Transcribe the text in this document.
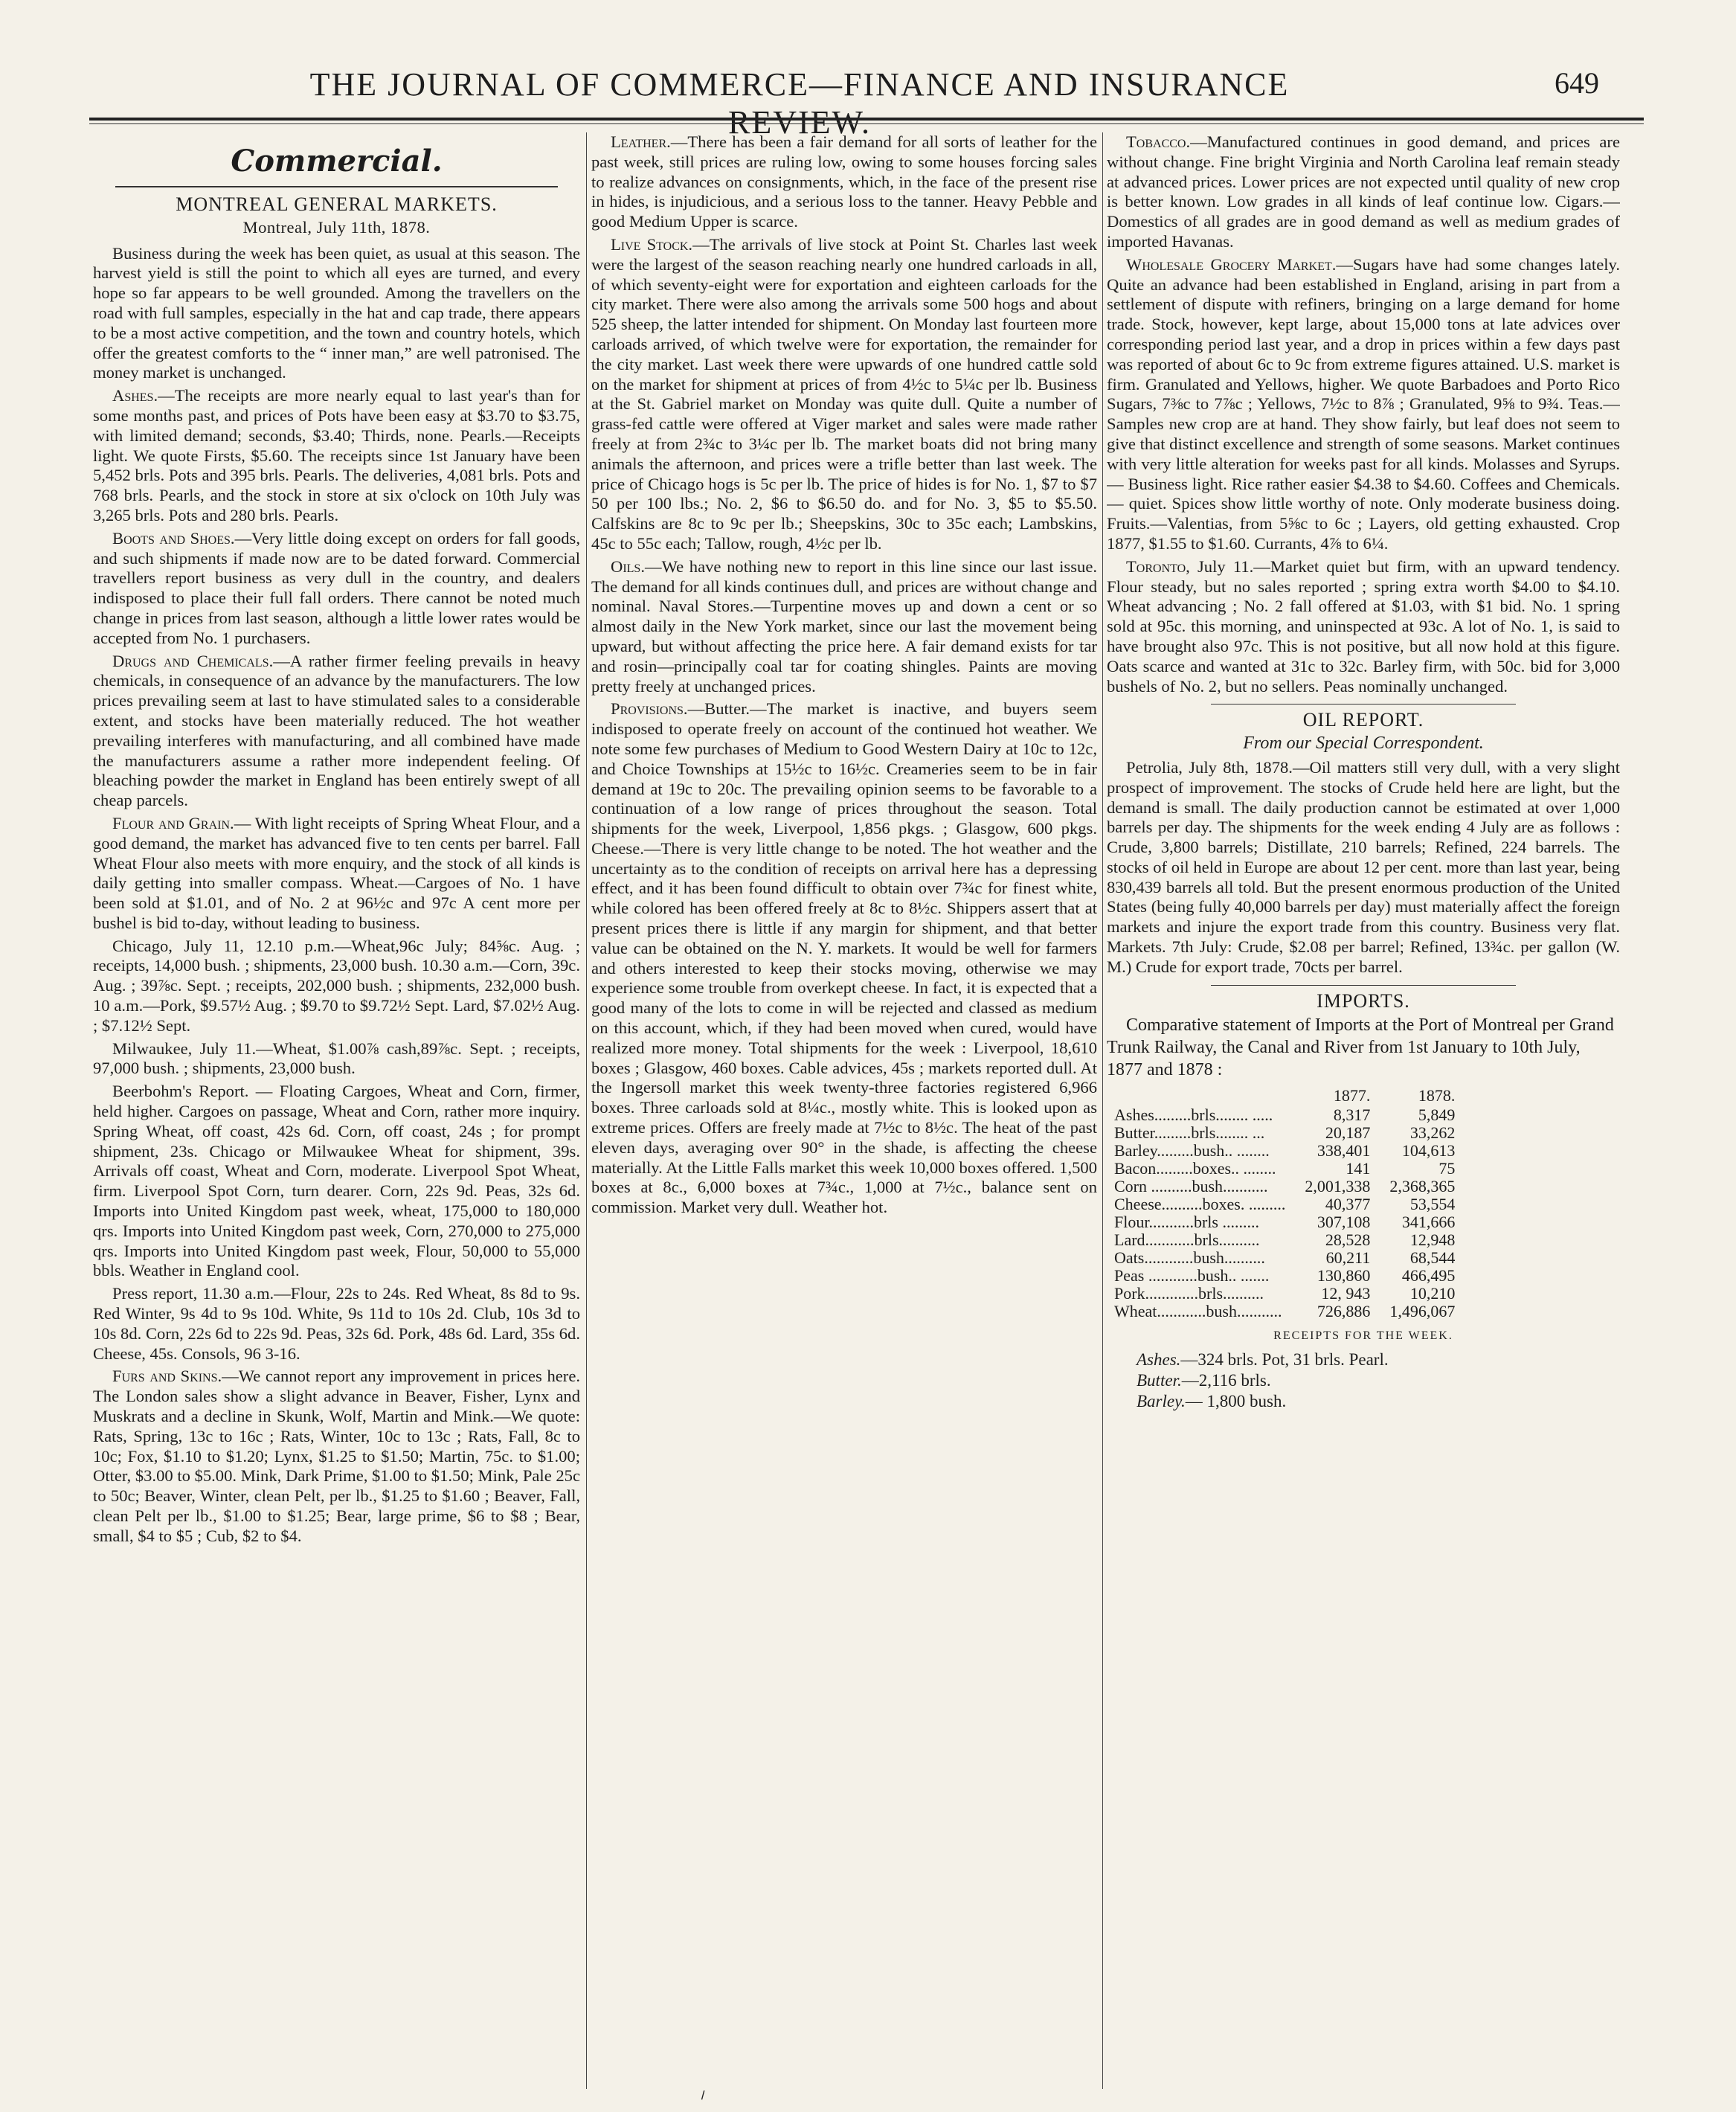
THE JOURNAL OF COMMERCE—FINANCE AND INSURANCE REVIEW.
649
Commercial.
MONTREAL GENERAL MARKETS.
Montreal, July 11th, 1878.

Business during the week has been quiet, as usual at this season. The harvest yield is still the point to which all eyes are turned, and every hope so far appears to be well grounded. Among the travellers on the road with full samples, especially in the hat and cap trade, there appears to be a most active competition, and the town and country hotels, which offer the greatest comforts to the “ inner man,” are well patronised. The money market is unchanged.

Ashes.—The receipts are more nearly equal to last year's than for some months past, and prices of Pots have been easy at $3.70 to $3.75, with limited demand; seconds, $3.40; Thirds, none. Pearls.—Receipts light. We quote Firsts, $5.60. The receipts since 1st January have been 5,452 brls. Pots and 395 brls. Pearls. The deliveries, 4,081 brls. Pots and 768 brls. Pearls, and the stock in store at six o'clock on 10th July was 3,265 brls. Pots and 280 brls. Pearls.

Boots and Shoes.—Very little doing except on orders for fall goods, and such shipments if made now are to be dated forward. Commercial travellers report business as very dull in the country, and dealers indisposed to place their full fall orders. There cannot be noted much change in prices from last season, although a little lower rates would be accepted from No. 1 purchasers.

Drugs and Chemicals.—A rather firmer feeling prevails in heavy chemicals, in consequence of an advance by the manufacturers. The low prices prevailing seem at last to have stimulated sales to a considerable extent, and stocks have been materially reduced. The hot weather prevailing interferes with manufacturing, and all combined have made the manufacturers assume a rather more independent feeling. Of bleaching powder the market in England has been entirely swept of all cheap parcels.

Flour and Grain.— With light receipts of Spring Wheat Flour, and a good demand, the market has advanced five to ten cents per barrel. Fall Wheat Flour also meets with more enquiry, and the stock of all kinds is daily getting into smaller compass. Wheat.—Cargoes of No. 1 have been sold at $1.01, and of No. 2 at 96½c and 97c A cent more per bushel is bid to-day, without leading to business.

Chicago, July 11, 12.10 p.m.—Wheat,96c July; 84⅝c. Aug. ; receipts, 14,000 bush. ; shipments, 23,000 bush. 10.30 a.m.—Corn, 39c. Aug. ; 39⅞c. Sept. ; receipts, 202,000 bush. ; shipments, 232,000 bush. 10 a.m.—Pork, $9.57½ Aug. ; $9.70 to $9.72½ Sept. Lard, $7.02½ Aug. ; $7.12½ Sept.

Milwaukee, July 11.—Wheat, $1.00⅞ cash,89⅞c. Sept. ; receipts, 97,000 bush. ; shipments, 23,000 bush.

Beerbohm's Report. — Floating Cargoes, Wheat and Corn, firmer, held higher. Cargoes on passage, Wheat and Corn, rather more inquiry. Spring Wheat, off coast, 42s 6d. Corn, off coast, 24s ; for prompt shipment, 23s. Chicago or Milwaukee Wheat for shipment, 39s. Arrivals off coast, Wheat and Corn, moderate. Liverpool Spot Wheat, firm. Liverpool Spot Corn, turn dearer. Corn, 22s 9d. Peas, 32s 6d. Imports into United Kingdom past week, wheat, 175,000 to 180,000 qrs. Imports into United Kingdom past week, Corn, 270,000 to 275,000 qrs. Imports into United Kingdom past week, Flour, 50,000 to 55,000 bbls. Weather in England cool.

Press report, 11.30 a.m.—Flour, 22s to 24s. Red Wheat, 8s 8d to 9s. Red Winter, 9s 4d to 9s 10d. White, 9s 11d to 10s 2d. Club, 10s 3d to 10s 8d. Corn, 22s 6d to 22s 9d. Peas, 32s 6d. Pork, 48s 6d. Lard, 35s 6d. Cheese, 45s. Consols, 96 3-16.

Furs and Skins.—We cannot report any improvement in prices here. The London sales show a slight advance in Beaver, Fisher, Lynx and Muskrats and a decline in Skunk, Wolf, Martin and Mink.—We quote: Rats, Spring, 13c to 16c ; Rats, Winter, 10c to 13c ; Rats, Fall, 8c to 10c; Fox, $1.10 to $1.20; Lynx, $1.25 to $1.50; Martin, 75c. to $1.00; Otter, $3.00 to $5.00. Mink, Dark Prime, $1.00 to $1.50; Mink, Pale 25c to 50c; Beaver, Winter, clean Pelt, per lb., $1.25 to $1.60 ; Beaver, Fall, clean Pelt per lb., $1.00 to $1.25; Bear, large prime, $6 to $8 ; Bear, small, $4 to $5 ; Cub, $2 to $4.

Leather.—There has been a fair demand for all sorts of leather for the past week, still prices are ruling low, owing to some houses forcing sales to realize advances on consignments, which, in the face of the present rise in hides, is injudicious, and a serious loss to the tanner. Heavy Pebble and good Medium Upper is scarce.

Live Stock.—The arrivals of live stock at Point St. Charles last week were the largest of the season reaching nearly one hundred carloads in all, of which seventy-eight were for exportation and eighteen carloads for the city market. There were also among the arrivals some 500 hogs and about 525 sheep, the latter intended for shipment. On Monday last fourteen more carloads arrived, of which twelve were for exportation, the remainder for the city market. Last week there were upwards of one hundred cattle sold on the market for shipment at prices of from 4½c to 5¼c per lb. Business at the St. Gabriel market on Monday was quite dull. Quite a number of grass-fed cattle were offered at Viger market and sales were made rather freely at from 2¾c to 3¼c per lb. The market boats did not bring many animals the afternoon, and prices were a trifle better than last week. The price of Chicago hogs is 5c per lb. The price of hides is for No. 1, $7 to $7 50 per 100 lbs.; No. 2, $6 to $6.50 do. and for No. 3, $5 to $5.50. Calfskins are 8c to 9c per lb.; Sheepskins, 30c to 35c each; Lambskins, 45c to 55c each; Tallow, rough, 4½c per lb.

Oils.—We have nothing new to report in this line since our last issue. The demand for all kinds continues dull, and prices are without change and nominal. Naval Stores.—Turpentine moves up and down a cent or so almost daily in the New York market, since our last the movement being upward, but without affecting the price here. A fair demand exists for tar and rosin—principally coal tar for coating shingles. Paints are moving pretty freely at unchanged prices.

Provisions.—Butter.—The market is inactive, and buyers seem indisposed to operate freely on account of the continued hot weather. We note some few purchases of Medium to Good Western Dairy at 10c to 12c, and Choice Townships at 15½c to 16½c. Creameries seem to be in fair demand at 19c to 20c. The prevailing opinion seems to be favorable to a continuation of a low range of prices throughout the season. Total shipments for the week, Liverpool, 1,856 pkgs. ; Glasgow, 600 pkgs. Cheese.—There is very little change to be noted. The hot weather and the uncertainty as to the condition of receipts on arrival here has a depressing effect, and it has been found difficult to obtain over 7¾c for finest white, while colored has been offered freely at 8c to 8½c. Shippers assert that at present prices there is little if any margin for shipment, and that better value can be obtained on the N. Y. markets. It would be well for farmers and others interested to keep their stocks moving, otherwise we may experience some trouble from overkept cheese. In fact, it is expected that a good many of the lots to come in will be rejected and classed as medium on this account, which, if they had been moved when cured, would have realized more money. Total shipments for the week : Liverpool, 18,610 boxes ; Glasgow, 460 boxes. Cable advices, 45s ; markets reported dull. At the Ingersoll market this week twenty-three factories registered 6,966 boxes. Three carloads sold at 8¼c., mostly white. This is looked upon as extreme prices. Offers are freely made at 7½c to 8½c. The heat of the past eleven days, averaging over 90° in the shade, is affecting the cheese materially. At the Little Falls market this week 10,000 boxes offered. 1,500 boxes at 8c., 6,000 boxes at 7¾c., 1,000 at 7½c., balance sent on commission. Market very dull. Weather hot.

Tobacco.—Manufactured continues in good demand, and prices are without change. Fine bright Virginia and North Carolina leaf remain steady at advanced prices. Lower prices are not expected until quality of new crop is better known. Low grades in all kinds of leaf continue low. Cigars.—Domestics of all grades are in good demand as well as medium grades of imported Havanas.

Wholesale Grocery Market.—Sugars have had some changes lately. Quite an advance had been established in England, arising in part from a settlement of dispute with refiners, bringing on a large demand for home trade. Stock, however, kept large, about 15,000 tons at late advices over corresponding period last year, and a drop in prices within a few days past was reported of about 6c to 9c from extreme figures attained. U.S. market is firm. Granulated and Yellows, higher. We quote Barbadoes and Porto Rico Sugars, 7⅜c to 7⅞c ; Yellows, 7½c to 8⅞ ; Granulated, 9⅝ to 9¾. Teas.—Samples new crop are at hand. They show fairly, but leaf does not seem to give that distinct excellence and strength of some seasons. Market continues with very little alteration for weeks past for all kinds. Molasses and Syrups.— Business light. Rice rather easier $4.38 to $4.60. Coffees and Chemicals.— quiet. Spices show little worthy of note. Only moderate business doing. Fruits.—Valentias, from 5⅝c to 6c ; Layers, old getting exhausted. Crop 1877, $1.55 to $1.60. Currants, 4⅞ to 6¼.

Toronto, July 11.—Market quiet but firm, with an upward tendency. Flour steady, but no sales reported ; spring extra worth $4.00 to $4.10. Wheat advancing ; No. 2 fall offered at $1.03, with $1 bid. No. 1 spring sold at 95c. this morning, and uninspected at 93c. A lot of No. 1, is said to have brought also 97c. This is not positive, but all now hold at this figure. Oats scarce and wanted at 31c to 32c. Barley firm, with 50c. bid for 3,000 bushels of No. 2, but no sellers. Peas nominally unchanged.

OIL REPORT.
From our Special Correspondent.

Petrolia, July 8th, 1878.—Oil matters still very dull, with a very slight prospect of improvement. The stocks of Crude held here are light, but the demand is small. The daily production cannot be estimated at over 1,000 barrels per day. The shipments for the week ending 4 July are as follows : Crude, 3,800 barrels; Distillate, 210 barrels; Refined, 224 barrels. The stocks of oil held in Europe are about 12 per cent. more than last year, being 830,439 barrels all told. But the present enormous production of the United States (being fully 40,000 barrels per day) must materially affect the foreign markets and injure the export trade from this country. Business very flat. Markets. 7th July: Crude, $2.08 per barrel; Refined, 13¾c. per gallon (W. M.) Crude for export trade, 70cts per barrel.

IMPORTS.

Comparative statement of Imports at the Port of Montreal per Grand Trunk Railway, the Canal and River from 1st January to 10th July, 1877 and 1878 :

	1877.	1878.
Ashes.........brls........ .....	8,317	5,849
Butter.........brls........ ...	20,187	33,262
Barley.........bush.. ........	338,401	104,613
Bacon.........boxes.. ........	141	75
Corn ..........bush...........	2,001,338	2,368,365
Cheese..........boxes. .........	40,377	53,554
Flour...........brls .........	307,108	341,666
Lard............brls..........	28,528	12,948
Oats............bush..........	60,211	68,544
Peas ............bush.. .......	130,860	466,495
Pork.............brls..........	12, 943	10,210
Wheat............bush...........	726,886	1,496,067
RECEIPTS FOR THE WEEK.

Ashes.—324 brls. Pot, 31 brls. Pearl.

Butter.—2,116 brls.

Barley.— 1,800 bush.

⸝
